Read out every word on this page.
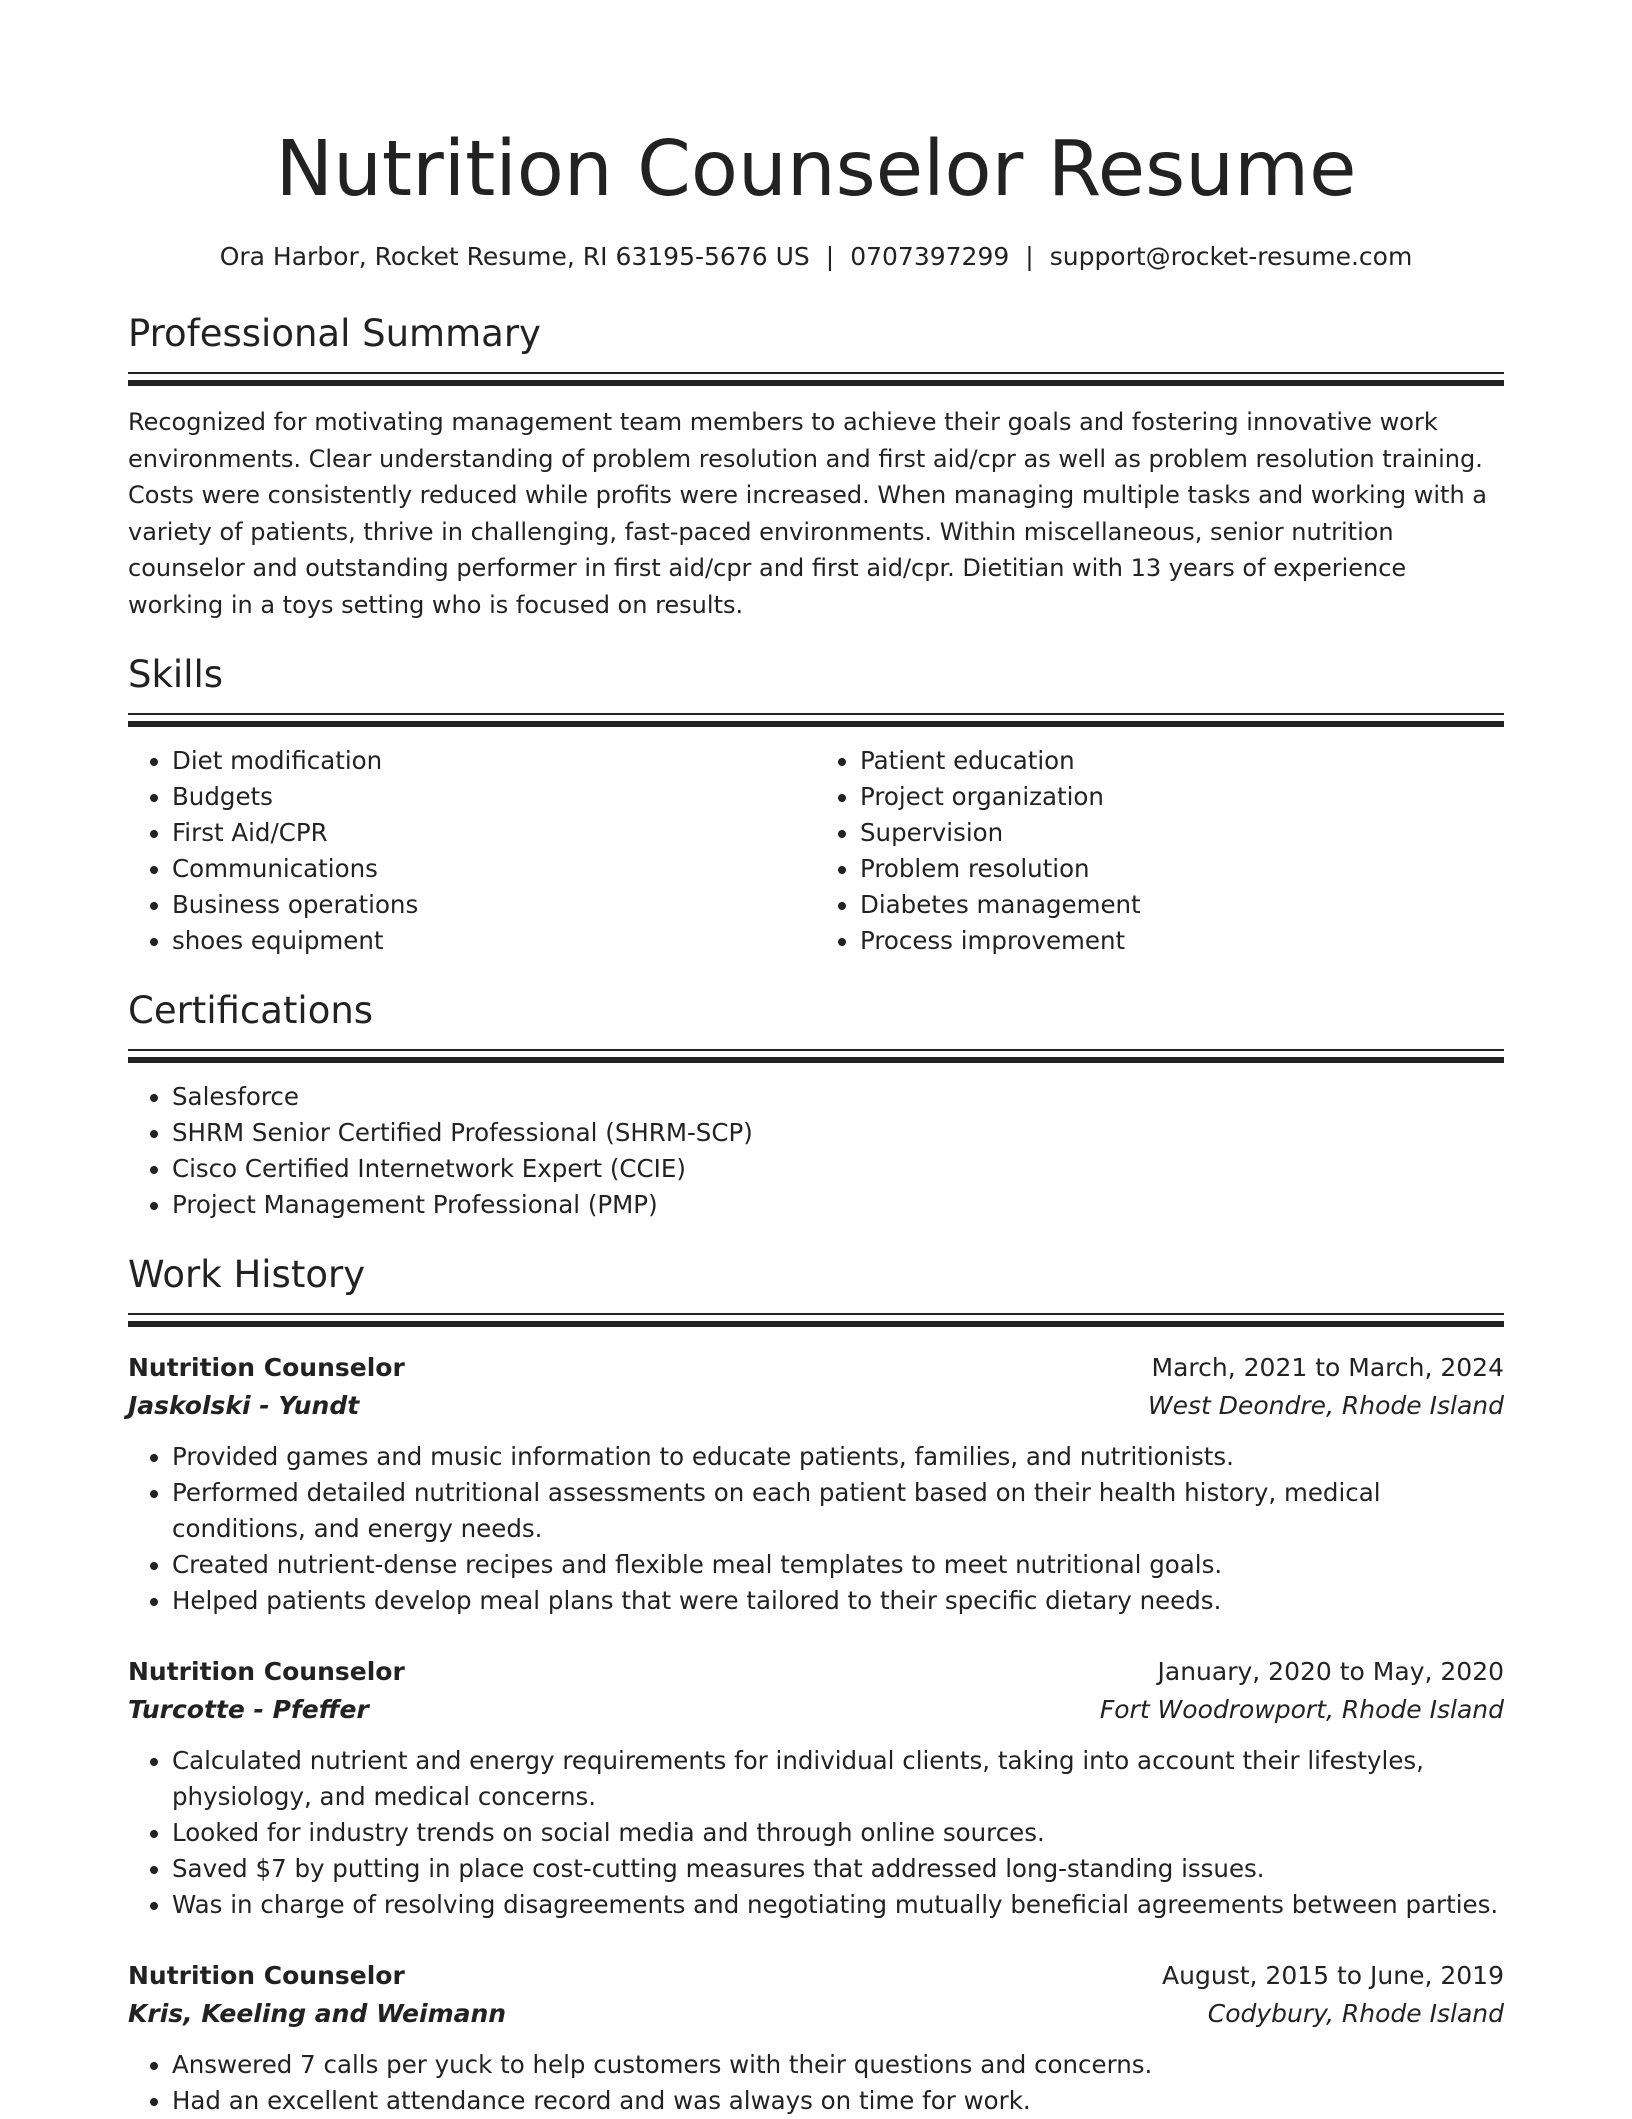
Nutrition Counselor Resume
Ora Harbor, Rocket Resume, RI 63195-5676 US | 0707397299 | support@rocket-resume.com
Professional Summary

Recognized for motivating management team members to achieve their goals and fostering innovative work environments. Clear understanding of problem resolution and first aid/cpr as well as problem resolution training. Costs were consistently reduced while profits were increased. When managing multiple tasks and working with a variety of patients, thrive in challenging, fast-paced environments. Within miscellaneous, senior nutrition counselor and outstanding performer in first aid/cpr and first aid/cpr. Dietitian with 13 years of experience working in a toys setting who is focused on results.

Skills
• Diet modification
• Budgets
• First Aid/CPR
• Communications
• Business operations
• shoes equipment
• Patient education
• Project organization
• Supervision
• Problem resolution
• Diabetes management
• Process improvement
Certifications
• Salesforce
• SHRM Senior Certified Professional (SHRM-SCP)
• Cisco Certified Internetwork Expert (CCIE)
• Project Management Professional (PMP)
Work History
Nutrition Counselor	March, 2021 to March, 2024
Jaskolski - Yundt	West Deondre, Rhode Island
• Provided games and music information to educate patients, families, and nutritionists.
• Performed detailed nutritional assessments on each patient based on their health history, medical conditions, and energy needs.
• Created nutrient-dense recipes and flexible meal templates to meet nutritional goals.
• Helped patients develop meal plans that were tailored to their specific dietary needs.
Nutrition Counselor	January, 2020 to May, 2020
Turcotte - Pfeffer	Fort Woodrowport, Rhode Island
• Calculated nutrient and energy requirements for individual clients, taking into account their lifestyles, physiology, and medical concerns.
• Looked for industry trends on social media and through online sources.
• Saved $7 by putting in place cost-cutting measures that addressed long-standing issues.
• Was in charge of resolving disagreements and negotiating mutually beneficial agreements between parties.
Nutrition Counselor	August, 2015 to June, 2019
Kris, Keeling and Weimann	Codybury, Rhode Island
• Answered 7 calls per yuck to help customers with their questions and concerns.
• Had an excellent attendance record and was always on time for work.
